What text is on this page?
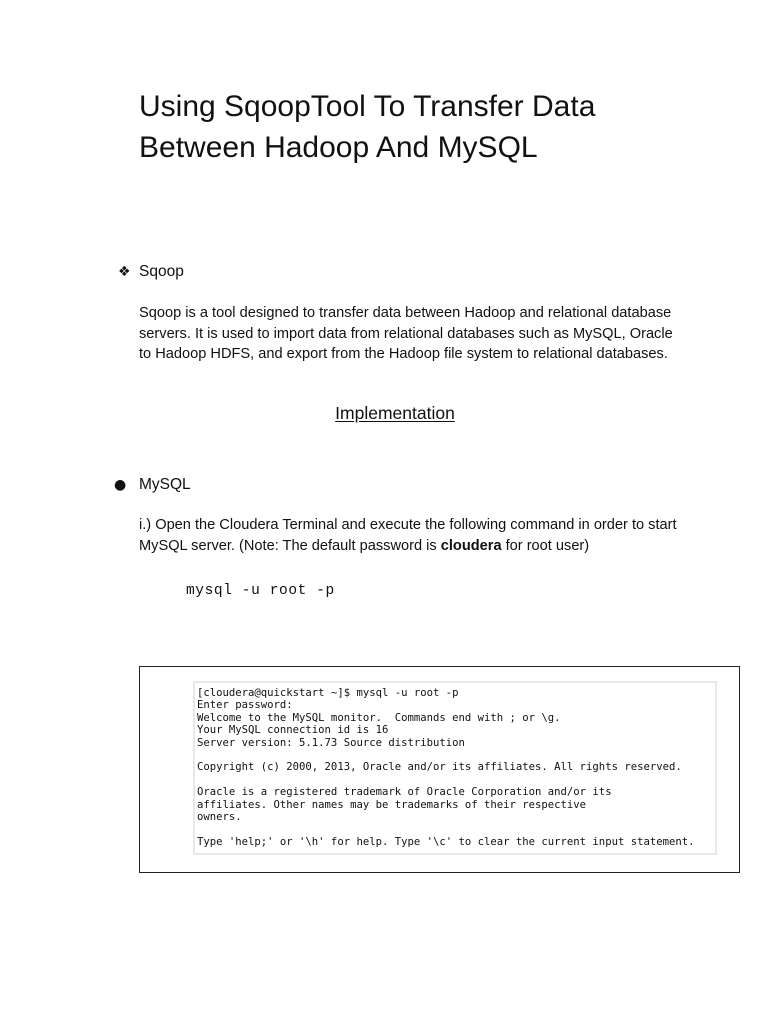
Using SqoopTool To Transfer Data
Between Hadoop And MySQL
❖ Sqoop

Sqoop is a tool designed to transfer data between Hadoop and relational database
servers. It is used to import data from relational databases such as MySQL, Oracle
to Hadoop HDFS, and export from the Hadoop file system to relational databases.

Implementation
● MySQL

i.) Open the Cloudera Terminal and execute the following command in order to start
MySQL server. (Note: The default password is cloudera for root user)

mysql -u root -p
[cloudera@quickstart ~]$ mysql -u root -p
Enter password:
Welcome to the MySQL monitor.  Commands end with ; or \g.
Your MySQL connection id is 16
Server version: 5.1.73 Source distribution
Copyright (c) 2000, 2013, Oracle and/or its affiliates. All rights reserved.
Oracle is a registered trademark of Oracle Corporation and/or its
affiliates. Other names may be trademarks of their respective
owners.
Type 'help;' or '\h' for help. Type '\c' to clear the current input statement.
